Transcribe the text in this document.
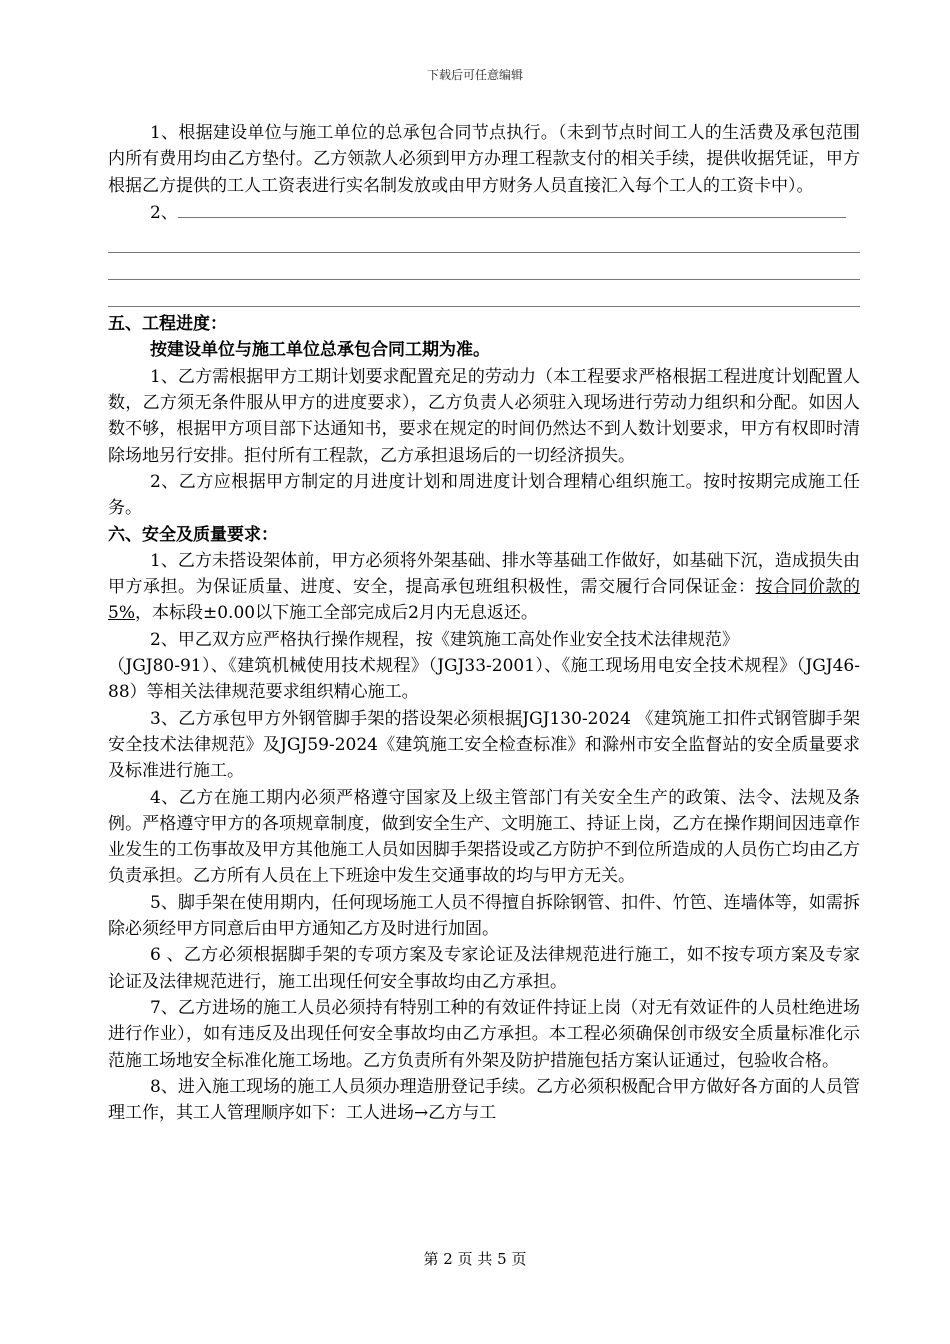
下载后可任意编辑

1、根据建设单位与施工单位的总承包合同节点执行。（未到节点时间工人的生活费及承包范围内所有费用均由乙方垫付。乙方领款人必须到甲方办理工程款支付的相关手续，提供收据凭证，甲方根据乙方提供的工人工资表进行实名制发放或由甲方财务人员直接汇入每个工人的工资卡中）。

2、

五、工程进度：

按建设单位与施工单位总承包合同工期为准。

1、乙方需根据甲方工期计划要求配置充足的劳动力（本工程要求严格根据工程进度计划配置人数，乙方须无条件服从甲方的进度要求），乙方负责人必须驻入现场进行劳动力组织和分配。如因人数不够，根据甲方项目部下达通知书，要求在规定的时间仍然达不到人数计划要求，甲方有权即时清除场地另行安排。拒付所有工程款，乙方承担退场后的一切经济损失。

2、乙方应根据甲方制定的月进度计划和周进度计划合理精心组织施工。按时按期完成施工任务。

六、安全及质量要求：

1、乙方未搭设架体前，甲方必须将外架基础、排水等基础工作做好，如基础下沉，造成损失由甲方承担。为保证质量、进度、安全，提高承包班组积极性，需交履行合同保证金：按合同价款的5%，本标段±0.00以下施工全部完成后2月内无息返还。

2、甲乙双方应严格执行操作规程，按《建筑施工高处作业安全技术法律规范》

（JGJ80-91）、《建筑机械使用技术规程》（JGJ33-2001）、《施工现场用电安全技术规程》（JGJ46-88）等相关法律规范要求组织精心施工。

3、乙方承包甲方外钢管脚手架的搭设架必须根据JGJ130-2024 《建筑施工扣件式钢管脚手架安全技术法律规范》及JGJ59-2024《建筑施工安全检查标准》和滁州市安全监督站的安全质量要求及标准进行施工。

4、乙方在施工期内必须严格遵守国家及上级主管部门有关安全生产的政策、法令、法规及条例。严格遵守甲方的各项规章制度，做到安全生产、文明施工、持证上岗，乙方在操作期间因违章作业发生的工伤事故及甲方其他施工人员如因脚手架搭设或乙方防护不到位所造成的人员伤亡均由乙方负责承担。乙方所有人员在上下班途中发生交通事故的均与甲方无关。

5、脚手架在使用期内，任何现场施工人员不得擅自拆除钢管、扣件、竹笆、连墙体等，如需拆除必须经甲方同意后由甲方通知乙方及时进行加固。

6 、乙方必须根据脚手架的专项方案及专家论证及法律规范进行施工，如不按专项方案及专家论证及法律规范进行，施工出现任何安全事故均由乙方承担。

7、乙方进场的施工人员必须持有特别工种的有效证件持证上岗（对无有效证件的人员杜绝进场进行作业），如有违反及出现任何安全事故均由乙方承担。本工程必须确保创市级安全质量标准化示范施工场地安全标准化施工场地。乙方负责所有外架及防护措施包括方案认证通过，包验收合格。

8、进入施工现场的施工人员须办理造册登记手续。乙方必须积极配合甲方做好各方面的人员管理工作，其工人管理顺序如下：工人进场→乙方与工

第 2 页 共 5 页
